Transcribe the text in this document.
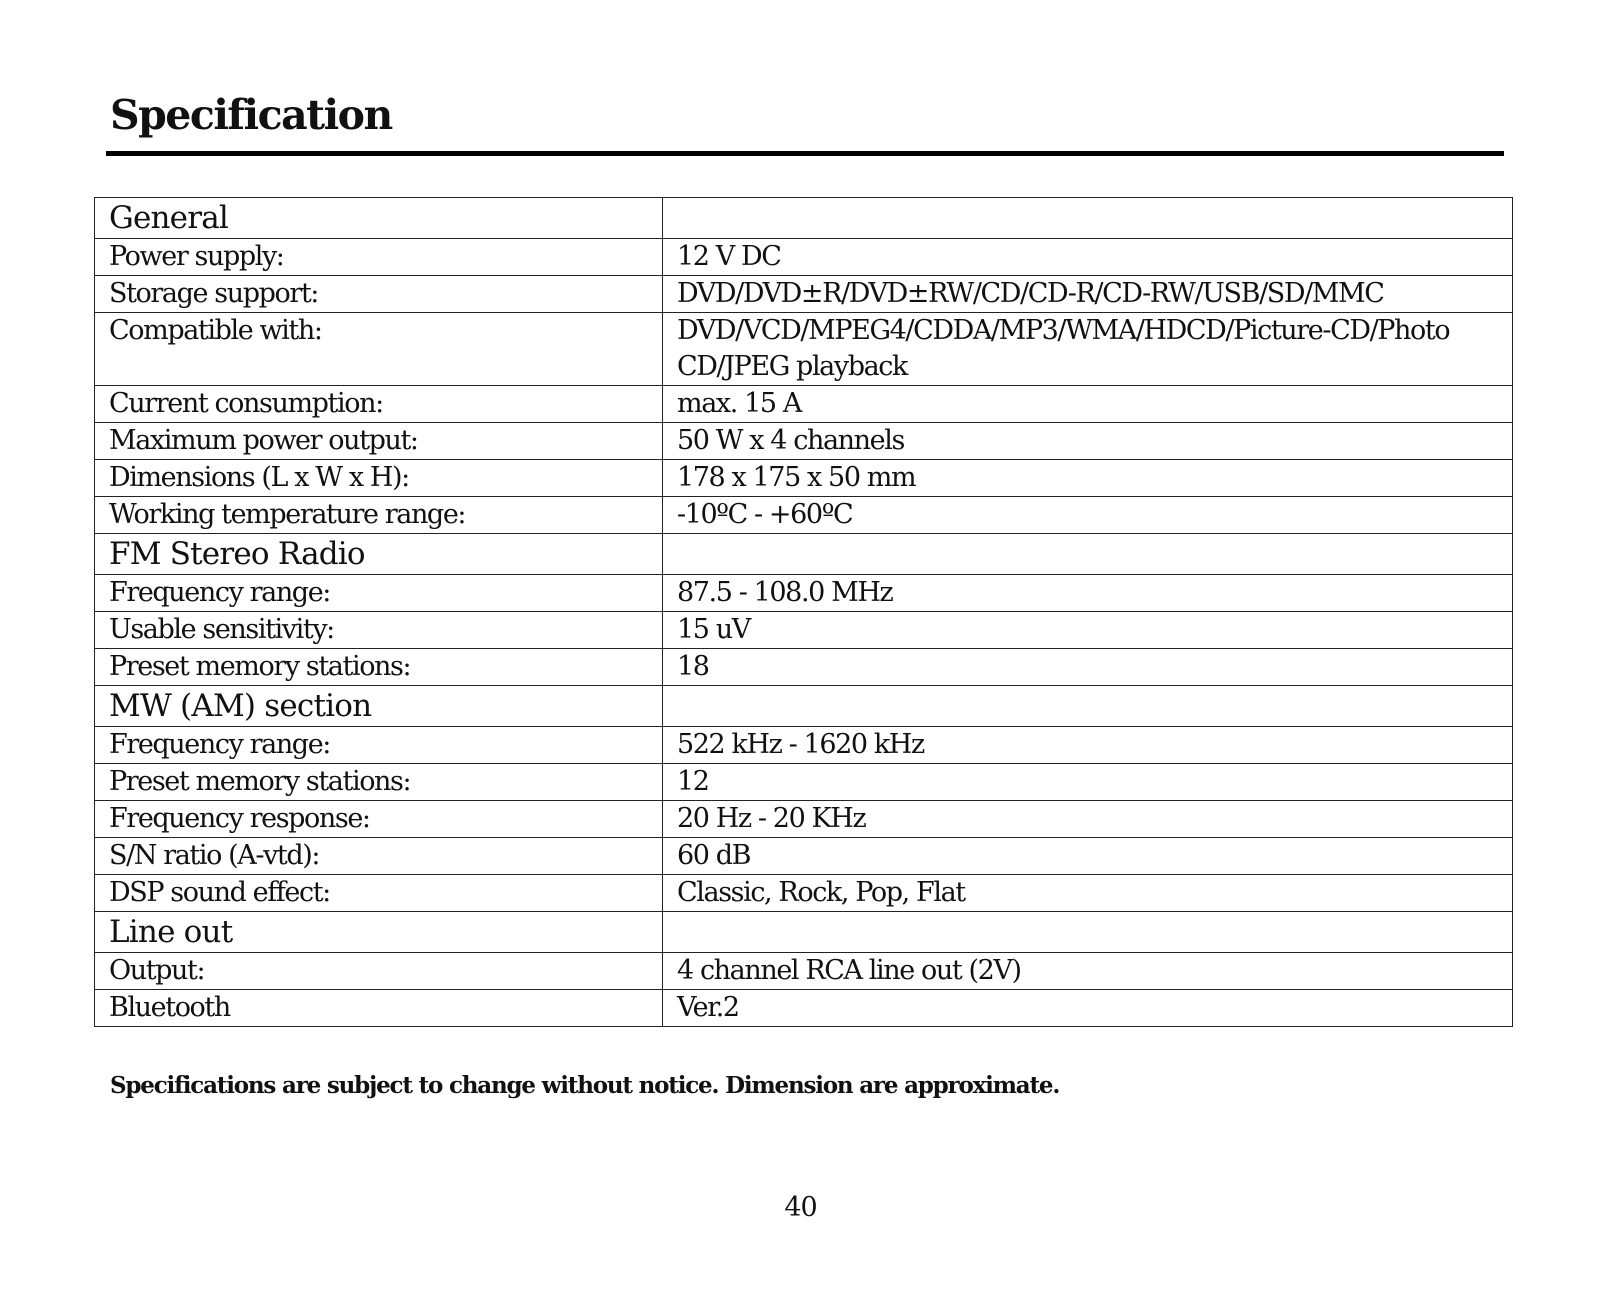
Specification
General	
Power supply:	12 V DC
Storage support:	DVD/DVD±R/DVD±RW/CD/CD-R/CD-RW/USB/SD/MMC
Compatible with:	DVD/VCD/MPEG4/CDDA/MP3/WMA/HDCD/Picture-CD/Photo CD/JPEG playback
Current consumption:	max. 15 A
Maximum power output:	50 W x 4 channels
Dimensions (L x W x H):	178 x 175 x 50 mm
Working temperature range:	-10ºC - +60ºC
FM Stereo Radio	
Frequency range:	87.5 - 108.0 MHz
Usable sensitivity:	15 uV
Preset memory stations:	18
MW (AM) section	
Frequency range:	522 kHz - 1620 kHz
Preset memory stations:	12
Frequency response:	20 Hz - 20 KHz
S/N ratio (A-vtd):	60 dB
DSP sound effect:	Classic, Rock, Pop, Flat
Line out	
Output:	4 channel RCA line out (2V)
Bluetooth	Ver.2

Specifications are subject to change without notice. Dimension are approximate.

40
